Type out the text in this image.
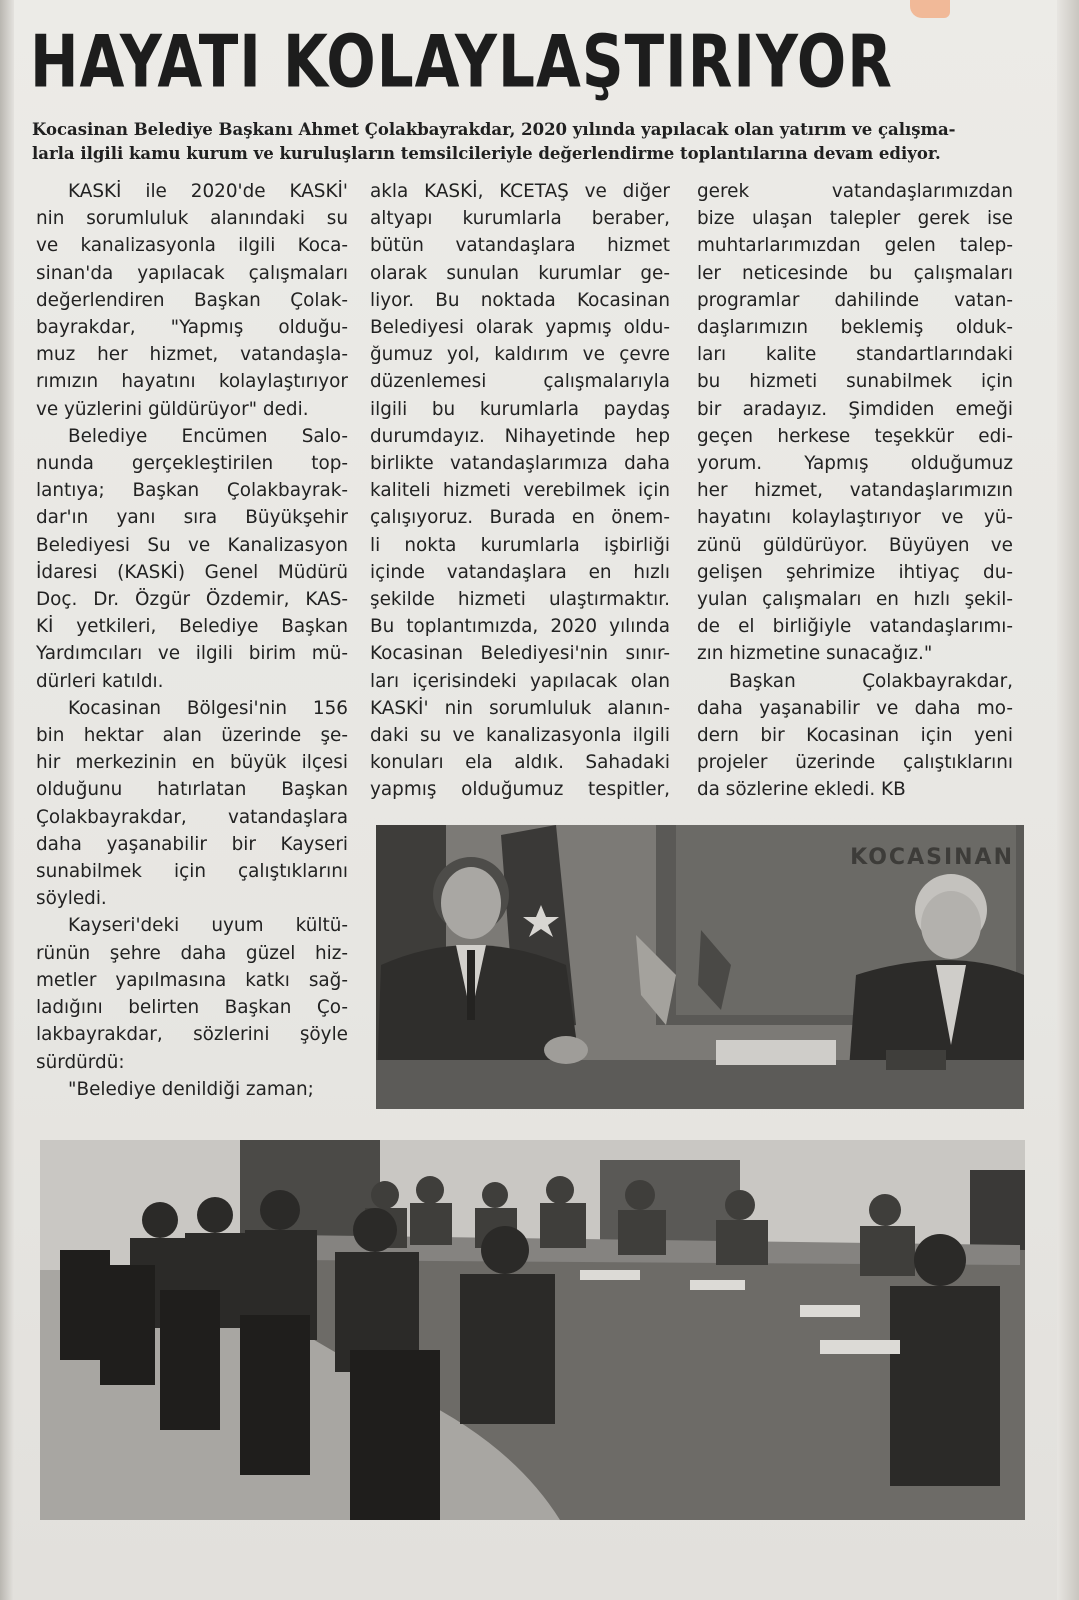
HAYATI KOLAYLAŞTIRIYOR
Kocasinan Belediye Başkanı Ahmet Çolakbayrakdar, 2020 yılında yapılacak olan yatırım ve çalışma-
larla ilgili kamu kurum ve kuruluşların temsilcileriyle değerlendirme toplantılarına devam ediyor.
KASKİ ile 2020'de KASKİ'
nin sorumluluk alanındaki su
ve kanalizasyonla ilgili Koca-
sinan'da yapılacak çalışmaları
değerlendiren Başkan Çolak-
bayrakdar, "Yapmış olduğu-
muz her hizmet, vatandaşla-
rımızın hayatını kolaylaştırıyor
ve yüzlerini güldürüyor" dedi.
Belediye Encümen Salo-
nunda gerçekleştirilen top-
lantıya; Başkan Çolakbayrak-
dar'ın yanı sıra Büyükşehir
Belediyesi Su ve Kanalizasyon
İdaresi (KASKİ) Genel Müdürü
Doç. Dr. Özgür Özdemir, KAS-
Kİ yetkileri, Belediye Başkan
Yardımcıları ve ilgili birim mü-
dürleri katıldı.
Kocasinan Bölgesi'nin 156
bin hektar alan üzerinde şe-
hir merkezinin en büyük ilçesi
olduğunu hatırlatan Başkan
Çolakbayrakdar, vatandaşlara
daha yaşanabilir bir Kayseri
sunabilmek için çalıştıklarını
söyledi.
Kayseri'deki uyum kültü-
rünün şehre daha güzel hiz-
metler yapılmasına katkı sağ-
ladığını belirten Başkan Ço-
lakbayrakdar, sözlerini şöyle
sürdürdü:
"Belediye denildiği zaman;
akla KASKİ, KCETAŞ ve diğer
altyapı kurumlarla beraber,
bütün vatandaşlara hizmet
olarak sunulan kurumlar ge-
liyor. Bu noktada Kocasinan
Belediyesi olarak yapmış oldu-
ğumuz yol, kaldırım ve çevre
düzenlemesi çalışmalarıyla
ilgili bu kurumlarla paydaş
durumdayız. Nihayetinde hep
birlikte vatandaşlarımıza daha
kaliteli hizmeti verebilmek için
çalışıyoruz. Burada en önem-
li nokta kurumlarla işbirliği
içinde vatandaşlara en hızlı
şekilde hizmeti ulaştırmaktır.
Bu toplantımızda, 2020 yılında
Kocasinan Belediyesi'nin sınır-
ları içerisindeki yapılacak olan
KASKİ' nin sorumluluk alanın-
daki su ve kanalizasyonla ilgili
konuları ela aldık. Sahadaki
yapmış olduğumuz tespitler,
gerek vatandaşlarımızdan
bize ulaşan talepler gerek ise
muhtarlarımızdan gelen talep-
ler neticesinde bu çalışmaları
programlar dahilinde vatan-
daşlarımızın beklemiş olduk-
ları kalite standartlarındaki
bu hizmeti sunabilmek için
bir aradayız. Şimdiden emeği
geçen herkese teşekkür edi-
yorum. Yapmış olduğumuz
her hizmet, vatandaşlarımızın
hayatını kolaylaştırıyor ve yü-
zünü güldürüyor. Büyüyen ve
gelişen şehrimize ihtiyaç du-
yulan çalışmaları en hızlı şekil-
de el birliğiyle vatandaşlarımı-
zın hizmetine sunacağız."
Başkan Çolakbayrakdar,
daha yaşanabilir ve daha mo-
dern bir Kocasinan için yeni
projeler üzerinde çalıştıklarını
da sözlerine ekledi. KB
KOCASINAN
